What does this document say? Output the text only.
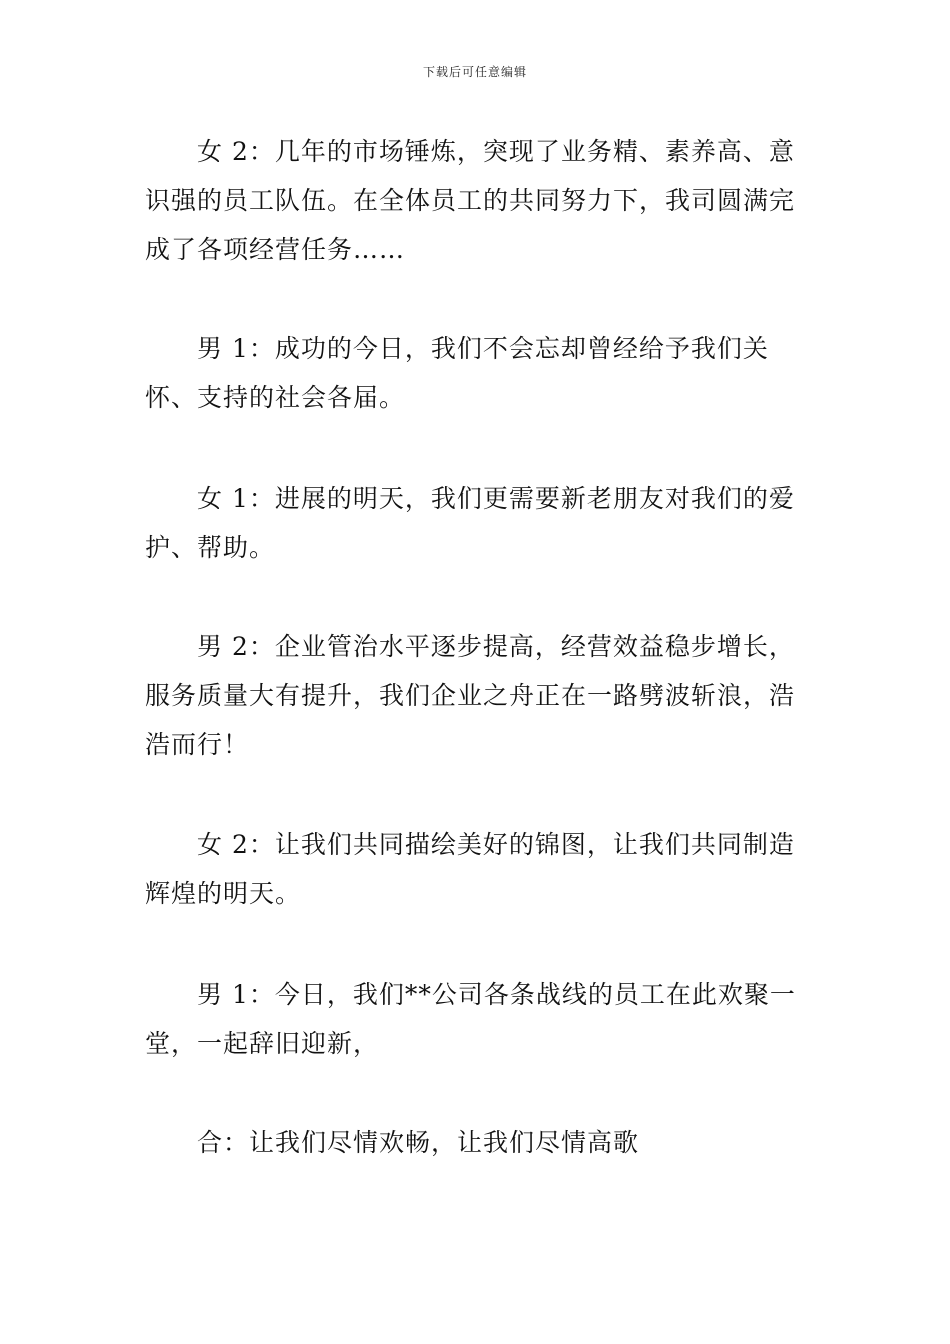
下载后可任意编辑
女 2：几年的市场锤炼，突现了业务精、素养高、意识强的员工队伍。在全体员工的共同努力下，我司圆满完成了各项经营任务……
男 1：成功的今日，我们不会忘却曾经给予我们关怀、支持的社会各届。
女 1：进展的明天，我们更需要新老朋友对我们的爱护、帮助。
男 2：企业管治水平逐步提高，经营效益稳步增长，服务质量大有提升，我们企业之舟正在一路劈波斩浪，浩浩而行！
女 2：让我们共同描绘美好的锦图，让我们共同制造辉煌的明天。
男 1：今日，我们**公司各条战线的员工在此欢聚一堂，一起辞旧迎新，
合：让我们尽情欢畅，让我们尽情高歌
